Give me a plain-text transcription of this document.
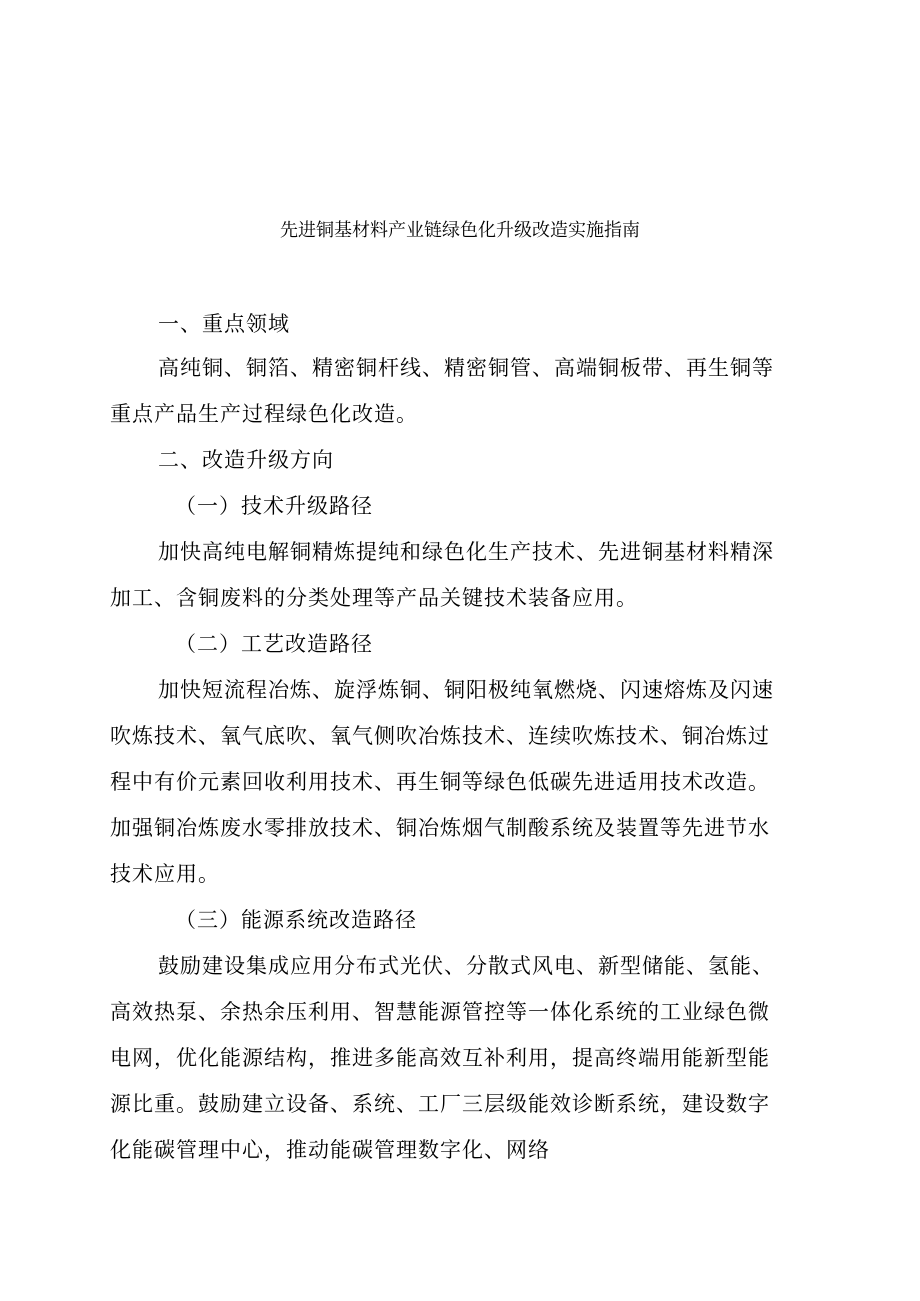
先进铜基材料产业链绿色化升级改造实施指南
一、重点领域
高纯铜、铜箔、精密铜杆线、精密铜管、高端铜板带、再生铜等
重点产品生产过程绿色化改造。
二、改造升级方向
（一）技术升级路径
加快高纯电解铜精炼提纯和绿色化生产技术、先进铜基材料精深
加工、含铜废料的分类处理等产品关键技术装备应用。
（二）工艺改造路径
加快短流程冶炼、旋浮炼铜、铜阳极纯氧燃烧、闪速熔炼及闪速
吹炼技术、氧气底吹、氧气侧吹冶炼技术、连续吹炼技术、铜冶炼过
程中有价元素回收利用技术、再生铜等绿色低碳先进适用技术改造。
加强铜冶炼废水零排放技术、铜冶炼烟气制酸系统及装置等先进节水
技术应用。
（三）能源系统改造路径
鼓励建设集成应用分布式光伏、分散式风电、新型储能、氢能、
高效热泵、余热余压利用、智慧能源管控等一体化系统的工业绿色微
电网，优化能源结构，推进多能高效互补利用，提高终端用能新型能
源比重。鼓励建立设备、系统、工厂三层级能效诊断系统，建设数字
化能碳管理中心，推动能碳管理数字化、网络
